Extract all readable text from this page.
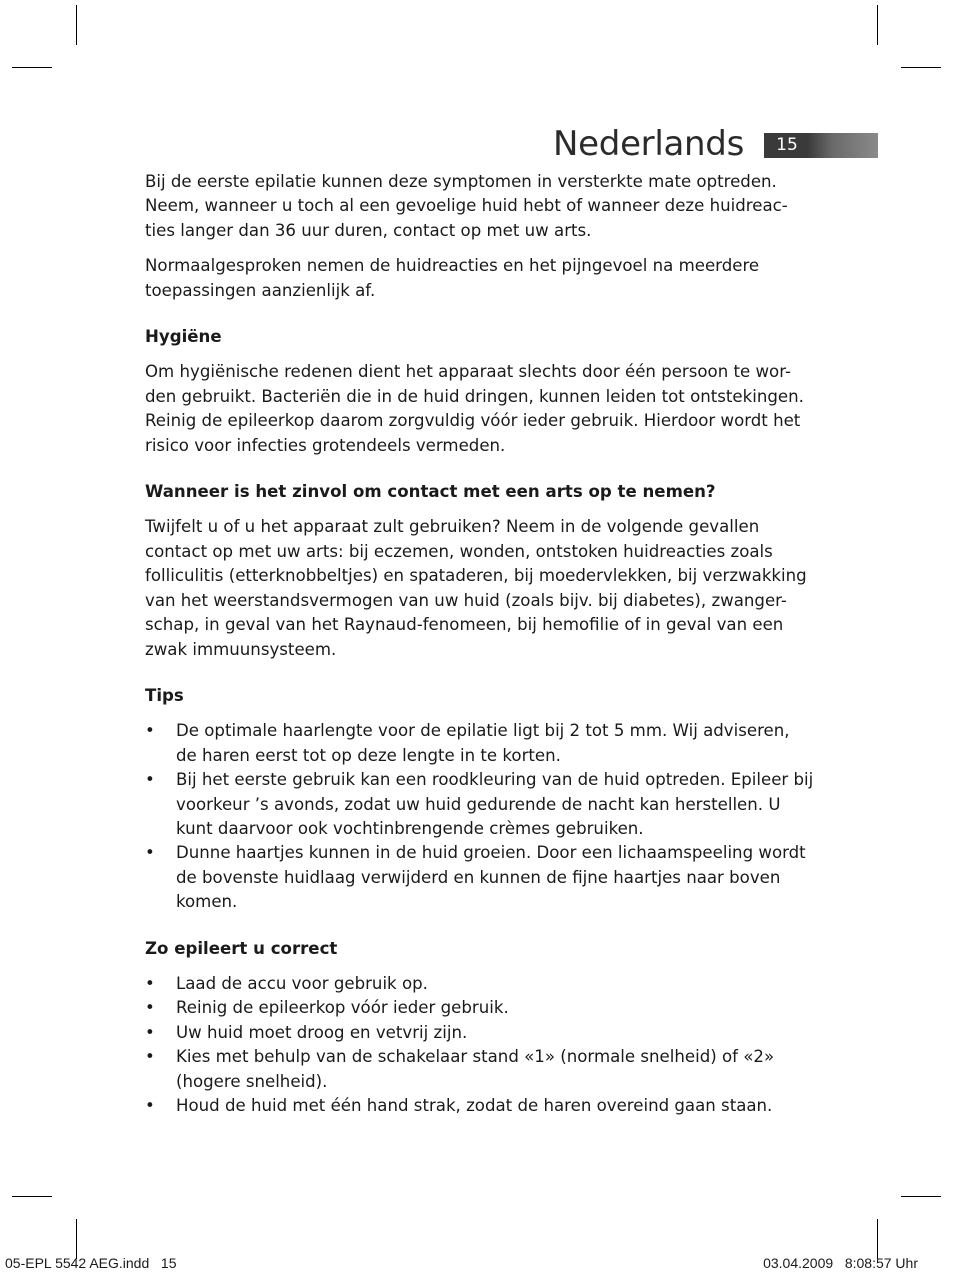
Nederlands	15

Bij de eerste epilatie kunnen deze symptomen in versterkte mate optreden. Neem, wanneer u toch al een gevoelige huid hebt of wanneer deze huidreac-ties langer dan 36 uur duren, contact op met uw arts.

Normaalgesproken nemen de huidreacties en het pijngevoel na meerdere toepassingen aanzienlijk af.

Hygiëne

Om hygiënische redenen dient het apparaat slechts door één persoon te wor-den gebruikt. Bacteriën die in de huid dringen, kunnen leiden tot ontstekingen. Reinig de epileerkop daarom zorgvuldig vóór ieder gebruik. Hierdoor wordt het risico voor infecties grotendeels vermeden.

Wanneer is het zinvol om contact met een arts op te nemen?

Twijfelt u of u het apparaat zult gebruiken? Neem in de volgende gevallen contact op met uw arts: bij eczemen, wonden, ontstoken huidreacties zoals folliculitis (etterknobbeltjes) en spataderen, bij moedervlekken, bij verzwakking van het weerstandsvermogen van uw huid (zoals bijv. bij diabetes), zwanger-schap, in geval van het Raynaud-fenomeen, bij hemofilie of in geval van een zwak immuunsysteem.

Tips
• De optimale haarlengte voor de epilatie ligt bij 2 tot 5 mm. Wij adviseren, de haren eerst tot op deze lengte in te korten.
• Bij het eerste gebruik kan een roodkleuring van de huid optreden. Epileer bij voorkeur ’s avonds, zodat uw huid gedurende de nacht kan herstellen. U kunt daarvoor ook vochtinbrengende crèmes gebruiken.
• Dunne haartjes kunnen in de huid groeien. Door een lichaamspeeling wordt de bovenste huidlaag verwijderd en kunnen de fijne haartjes naar boven komen.
Zo epileert u correct
• Laad de accu voor gebruik op.
• Reinig de epileerkop vóór ieder gebruik.
• Uw huid moet droog en vetvrij zijn.
• Kies met behulp van de schakelaar stand «1» (normale snelheid) of «2» (hogere snelheid).
• Houd de huid met één hand strak, zodat de haren overeind gaan staan.
05-EPL 5542 AEG.indd   15	03.04.2009   8:08:57 Uhr
